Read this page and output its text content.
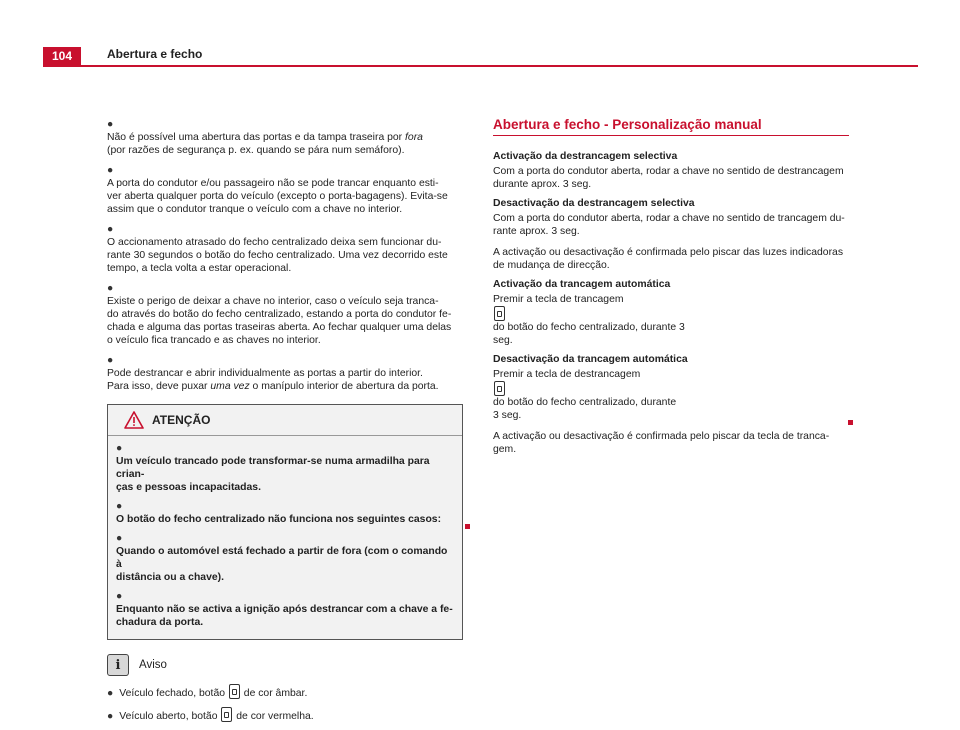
104	Abertura e fecho
●
Não é possível uma abertura das portas e da tampa traseira por fora
(por razões de segurança p. ex. quando se pára num semáforo).
●
A porta do condutor e/ou passageiro não se pode trancar enquanto esti-
ver aberta qualquer porta do veículo (excepto o porta-bagagens). Evita-se
assim que o condutor tranque o veículo com a chave no interior.
●
O accionamento atrasado do fecho centralizado deixa sem funcionar du-
rante 30 segundos o botão do fecho centralizado. Uma vez decorrido este
tempo, a tecla volta a estar operacional.
●
Existe o perigo de deixar a chave no interior, caso o veículo seja tranca-
do através do botão do fecho centralizado, estando a porta do condutor fe-
chada e alguma das portas traseiras aberta. Ao fechar qualquer uma delas
o veículo fica trancado e as chaves no interior.
●
Pode destrancar e abrir individualmente as portas a partir do interior.
Para isso, deve puxar uma vez o manípulo interior de abertura da porta.
ATENÇÃO
●
Um veículo trancado pode transformar-se numa armadilha para crian-
ças e pessoas incapacitadas.
●
O botão do fecho centralizado não funciona nos seguintes casos:
●
Quando o automóvel está fechado a partir de fora (com o comando à
distância ou a chave).
●
Enquanto não se activa a ignição após destrancar com a chave a fe-
chadura da porta.
i	Aviso
● Veículo fechado, botão de cor âmbar.
● Veículo aberto, botão de cor vermelha.
Abertura e fecho - Personalização manual
Activação da destrancagem selectiva
Com a porta do condutor aberta, rodar a chave no sentido de destrancagem
durante aprox. 3 seg.
Desactivação da destrancagem selectiva
Com a porta do condutor aberta, rodar a chave no sentido de trancagem du-
rante aprox. 3 seg.
A activação ou desactivação é confirmada pelo piscar das luzes indicadoras
de mudança de direcção.
Activação da trancagem automática
Premir a tecla de trancagem
do botão do fecho centralizado, durante 3
seg.
Desactivação da trancagem automática
Premir a tecla de destrancagem
do botão do fecho centralizado, durante
3 seg.
A activação ou desactivação é confirmada pelo piscar da tecla de tranca-
gem.
